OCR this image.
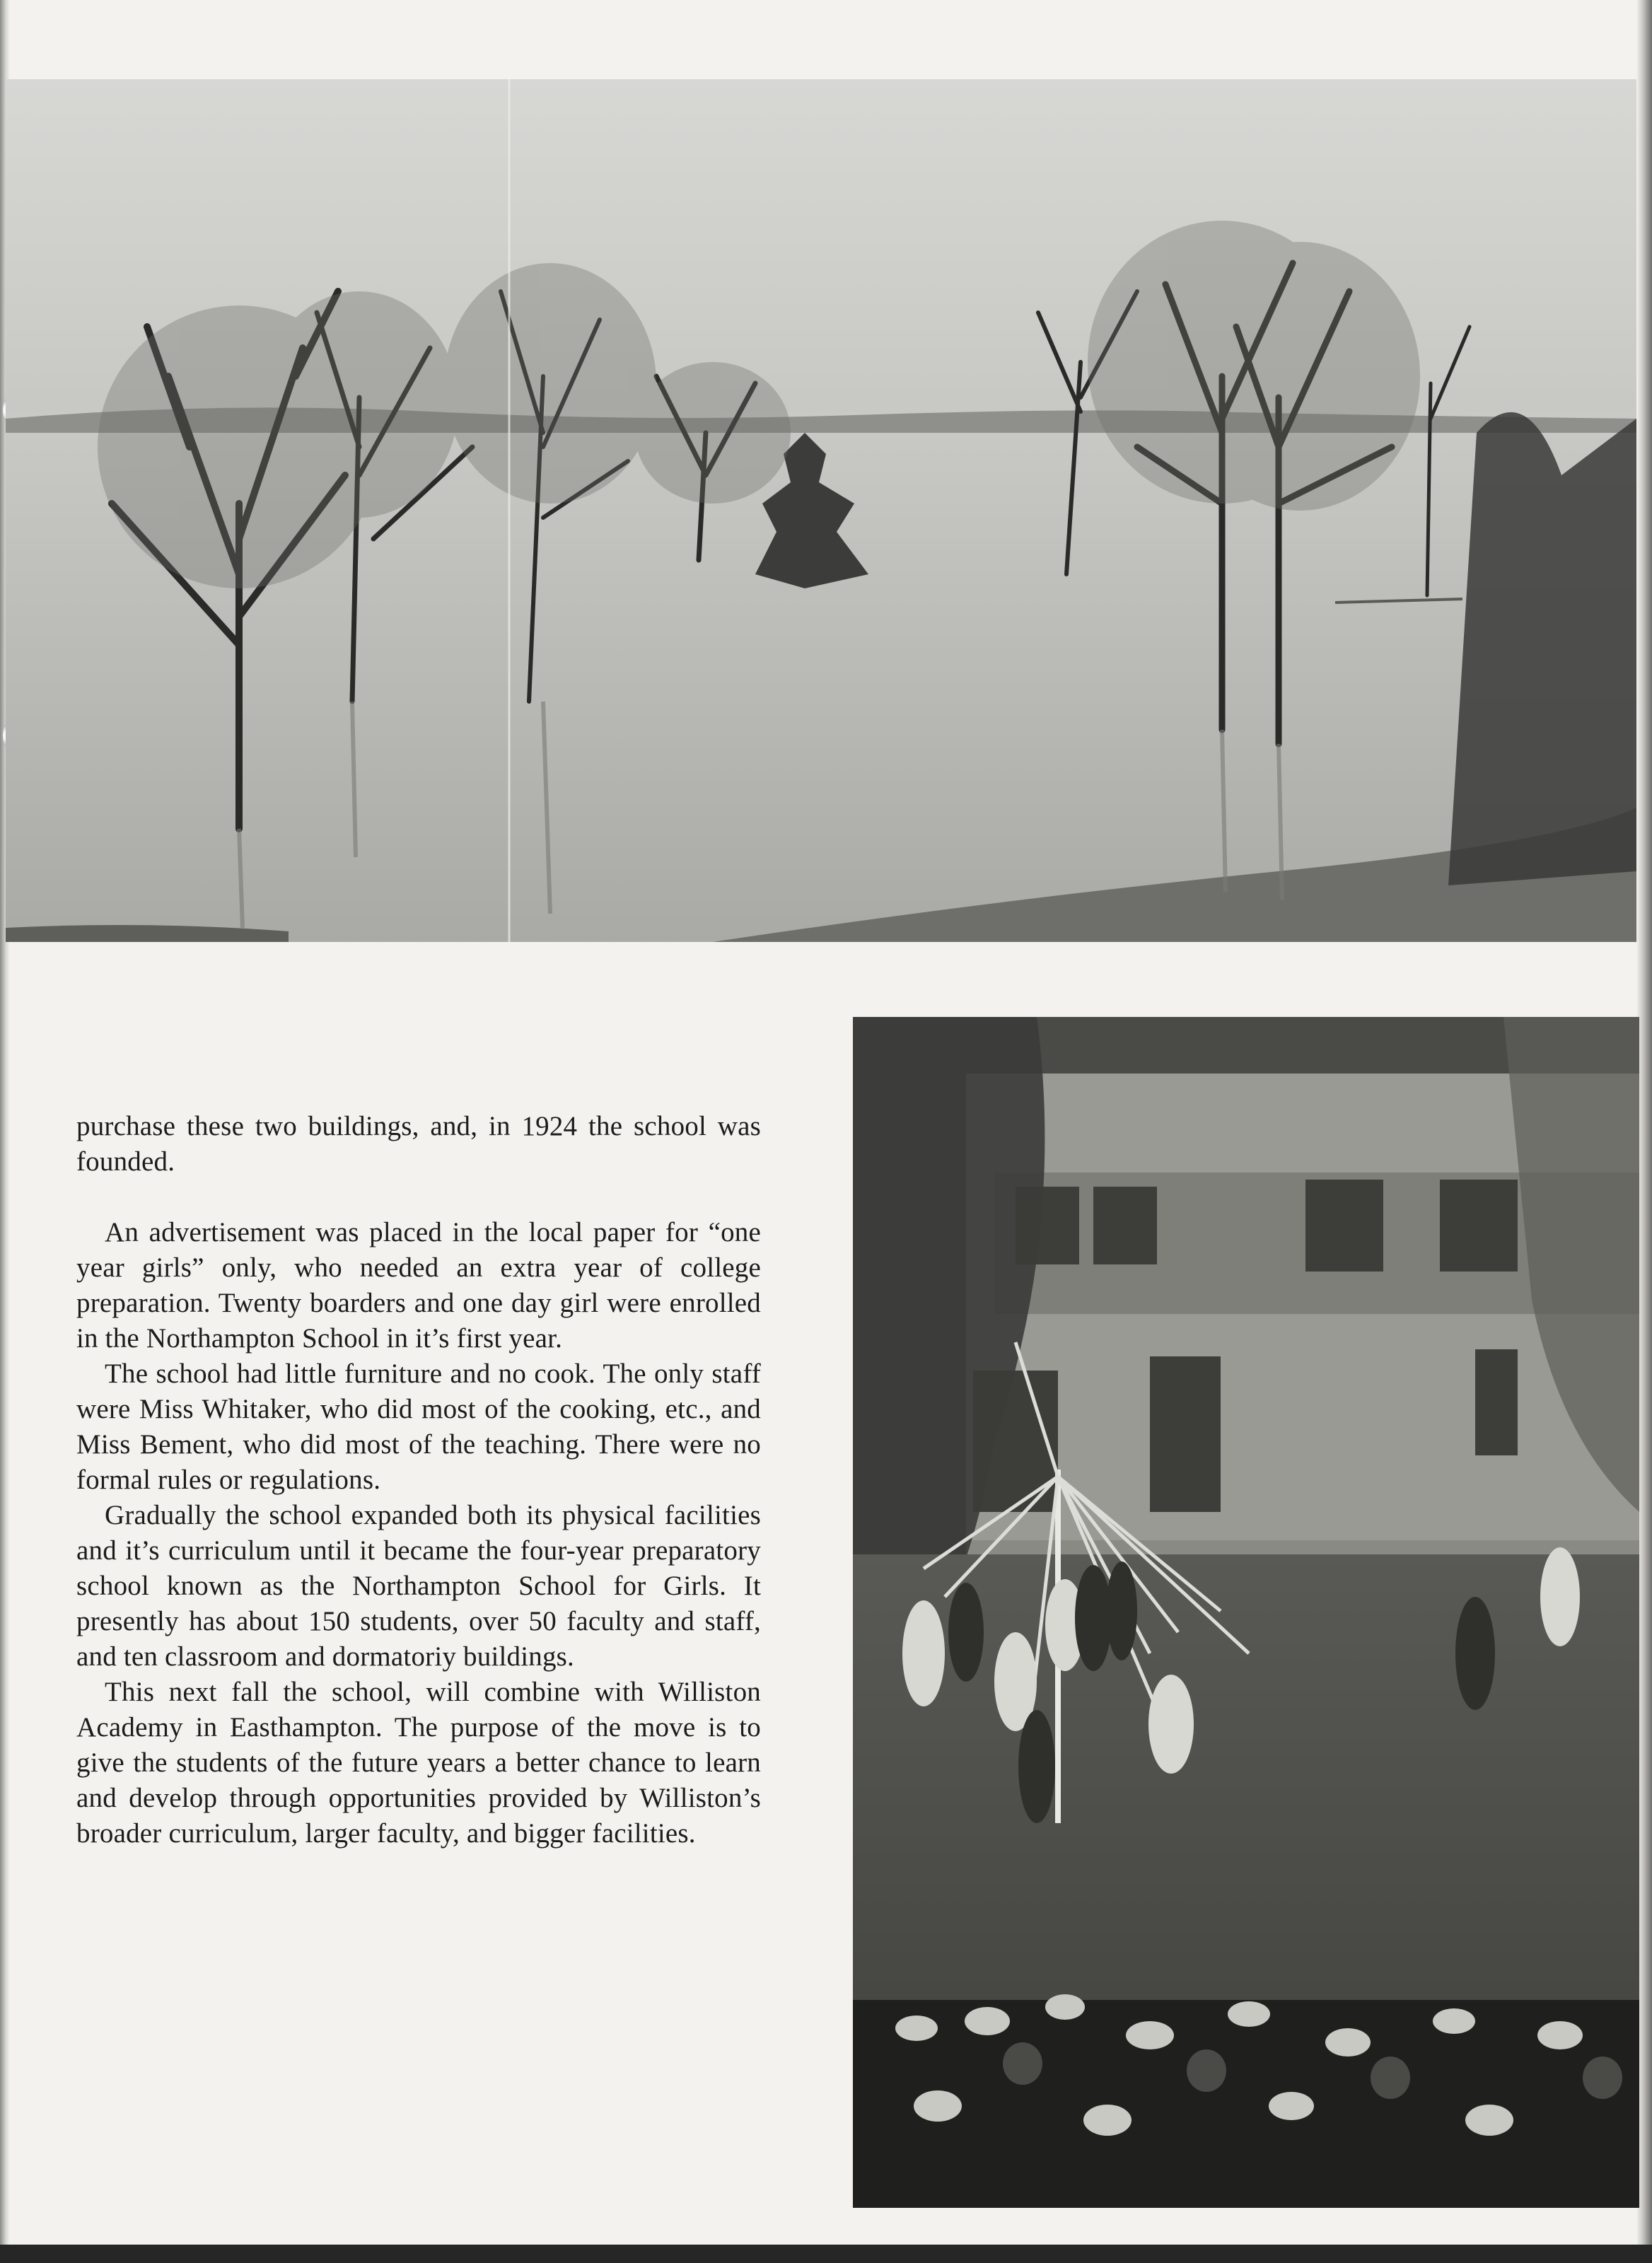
purchase these two buildings, and, in 1924 the school was founded.

An advertisement was placed in the local paper for “one year girls” only, who needed an extra year of college preparation. Twenty boarders and one day girl were enrolled in the Northampton School in it’s first year.

The school had little furniture and no cook. The only staff were Miss Whitaker, who did most of the cooking, etc., and Miss Bement, who did most of the teaching. There were no formal rules or regulations.

Gradually the school expanded both its physical facilities and it’s curriculum until it became the four-year preparatory school known as the Northampton School for Girls. It presently has about 150 students, over 50 faculty and staff, and ten classroom and dormatoriy buildings.

This next fall the school, will combine with Williston Academy in Easthampton. The purpose of the move is to give the students of the future years a better chance to learn and develop through opportunities provided by Williston’s broader curriculum, larger faculty, and bigger facilities.
